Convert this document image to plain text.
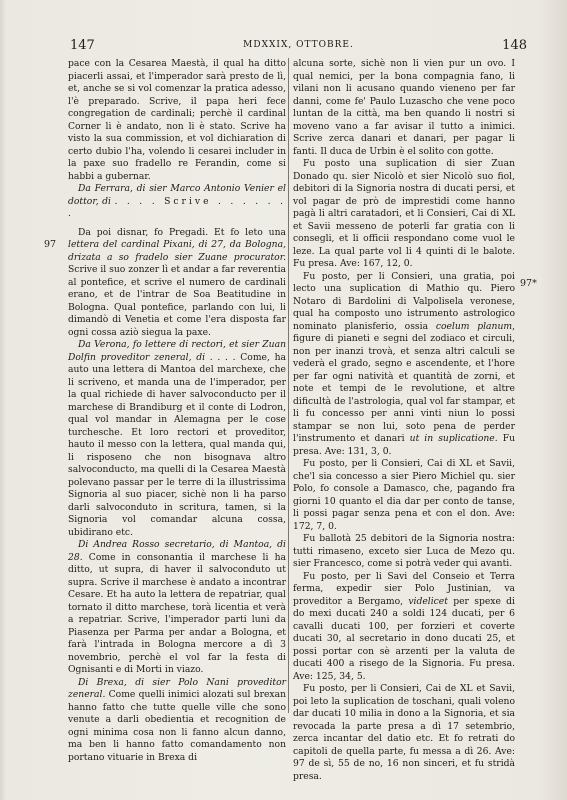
147	MDXXIX, OTTOBRE.	148
97
97*

pace con la Cesarea Maestà, il qual ha ditto piacerli assai, et l'imperador sarà presto de lì, et, anche se si vol comenzar la pratica adesso, l'è preparado. Scrive, il papa heri fece congregation de cardinali; perchè il cardinal Corner li è andato, non li è stato. Scrive ha visto la sua commission, et vol dichiaration di certo dubio l'ha, volendo li cesarei includer in la paxe suo fradello re Ferandin, come si habbi a gubernar.

Da Ferrara, di sier Marco Antonio Venier el dottor, di . . . . Scrive . . . . . . .

Da poi disnar, fo Pregadi. Et fo leto una lettera del cardinal Pixani, di 27, da Bologna, drizata a so fradelo sier Zuane procurator. Scrive il suo zonzer lì et andar a far reverentia al pontefice, et scrive el numero de cardinali erano, et de l'intrar de Soa Beatitudine in Bologna. Qual pontefice, parlando con lui, li dimandò di Venetia et come l'era disposta far ogni cossa aziò siegua la paxe.

Da Verona, fo lettere di rectori, et sier Zuan Dolfin proveditor zeneral, di . . . . Come, ha auto una lettera di Mantoa del marchexe, che li scriveno, et manda una de l'imperador, per la qual richiede di haver salvoconducto per il marchese di Brandiburg et il conte di Lodron, qual vol mandar in Alemagna per le cose turchesche. Et loro rectori et proveditor, hauto il messo con la lettera, qual manda qui, li risposeno che non bisognava altro salvoconducto, ma quelli di la Cesarea Maestà polevano passar per le terre di la illustrissima Signoria al suo piacer, sichè non li ha parso darli salvoconduto in scritura, tamen, si la Signoria vol comandar alcuna cossa, ubidirano etc.

Di Andrea Rosso secretario, di Mantoa, di 28. Come in consonantia il marchese li ha ditto, ut supra, di haver il salvoconduto ut supra. Scrive il marchese è andato a incontrar Cesare. Et ha auto la lettera de repatriar, qual tornato il ditto marchese, torà licentia et verà a repatriar. Scrive, l'imperador parti luni da Piasenza per Parma per andar a Bologna, et farà l'intrada in Bologna mercore a dì 3 novembrio, perchè el vol far la festa di Ognisanti e di Morti in viazo.

Di Brexa, di sier Polo Nani proveditor zeneral. Come quelli inimici alozati sul brexan hanno fatto che tutte quelle ville che sono venute a darli obedientia et recognition de ogni minima cosa non li fanno alcun danno, ma ben li hanno fatto comandamento non portano vituarie in Brexa di

alcuna sorte, sichè non li vien pur un ovo. I qual nemici, per la bona compagnia fano, li vilani non li acusano quando vieneno per far danni, come fe' Paulo Luzascho che vene poco luntan de la città, ma ben quando li nostri si moveno vano a far avisar il tutto a inimici. Scrive zerca danari et danari, per pagar li fanti. Il duca de Urbin è el solito con gotte.

Fu posto una suplication di sier Zuan Donado qu. sier Nicolò et sier Nicolò suo fiol, debitori di la Signoria nostra di ducati persi, et vol pagar de prò de imprestidi come hanno pagà li altri caratadori, et li Consieri, Cai di XL et Savii messeno de poterli far gratia con li consegli, et li officii respondano come vuol le leze. La qual parte vol li 4 quinti di le balote. Fu presa. Ave: 167, 12, 0.

Fu posto, per li Consieri, una gratia, poi lecto una suplication di Mathio qu. Piero Notaro di Bardolini di Valpolisela veronese, qual ha composto uno istrumento astrologico nominato planisferio, ossia coelum planum, figure di pianeti e segni del zodiaco et circuli, non per inanzi trovà, et senza altri calculi se vederà el grado, segno e ascendente, et l'hore per far ogni natività et quantità de zorni, et note et tempi de le revolutione, et altre dificultà de l'astrologia, qual vol far stampar, et li fu concesso per anni vinti niun lo possi stampar se non lui, soto pena de perder l'instrumento et danari ut in suplicatione. Fu presa. Ave: 131, 3, 0.

Fu posto, per li Consieri, Cai di XL et Savii, che'l sia concesso a sier Piero Michiel qu. sier Polo, fo console a Damasco, che, pagando fra giorni 10 quanto el dia dar per conto de tanse, li possi pagar senza pena et con el don. Ave: 172, 7, 0.

Fu ballotà 25 debitori de la Signoria nostra: tutti rimaseno, exceto sier Luca de Mezo qu. sier Francesco, come si potrà veder qui avanti.

Fu posto, per li Savi del Conseio et Terra ferma, expedir sier Polo Justinian, va proveditor a Bergamo, videlicet per spexe di do mexi ducati 240 a soldi 124 ducati, per 6 cavalli ducati 100, per forzieri et coverte ducati 30, al secretario in dono ducati 25, et possi portar con sè arzenti per la valuta de ducati 400 a risego de la Signoria. Fu presa. Ave: 125, 34, 5.

Fu posto, per li Consieri, Cai de XL et Savii, poi leto la suplication de toschani, quali voleno dar ducati 10 milia in dono a la Signoria, et sia revocada la parte presa a dì 17 setembrio, zerca incantar del datio etc. Et fo retrati do capitoli de quella parte, fu messa a dì 26. Ave: 97 de sì, 55 de no, 16 non sinceri, et fu stridà presa.
